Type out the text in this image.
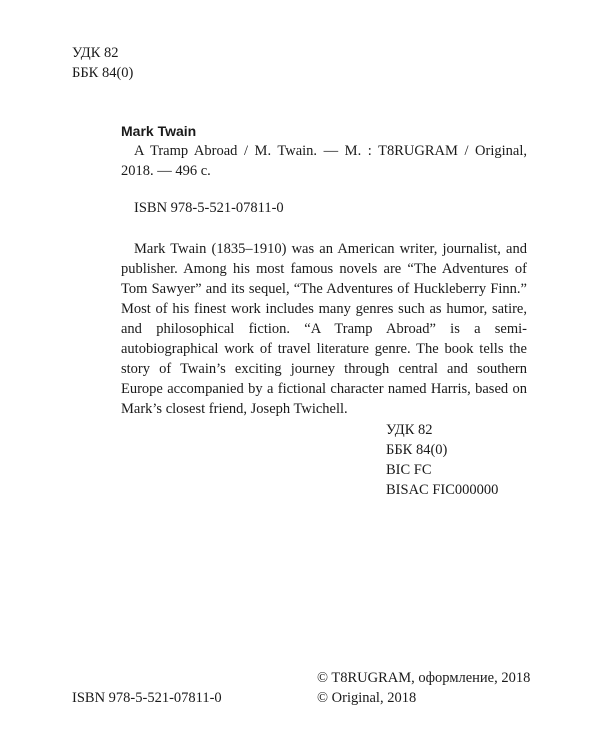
УДК 82
ББК 84(0)
Mark Twain
A Tramp Abroad / M. Twain. — M. : T8RUGRAM / Original, 2018. — 496 c.
ISBN 978-5-521-07811-0
Mark Twain (1835–1910) was an American writer, journalist, and publisher. Among his most famous novels are “The Adventures of Tom Sawyer” and its sequel, “The Adventures of Huckleberry Finn.” Most of his finest work includes many genres such as humor, satire, and philosophical fiction. “A Tramp Abroad” is a semi-autobiographical work of travel literature genre. The book tells the story of Twain’s exciting journey through central and southern Europe accompanied by a fictional character named Harris, based on Mark’s closest friend, Joseph Twichell.
УДК 82
ББК 84(0)
BIC FC
BISAC FIC000000
ISBN 978-5-521-07811-0
© T8RUGRAM, оформление, 2018
© Original, 2018
